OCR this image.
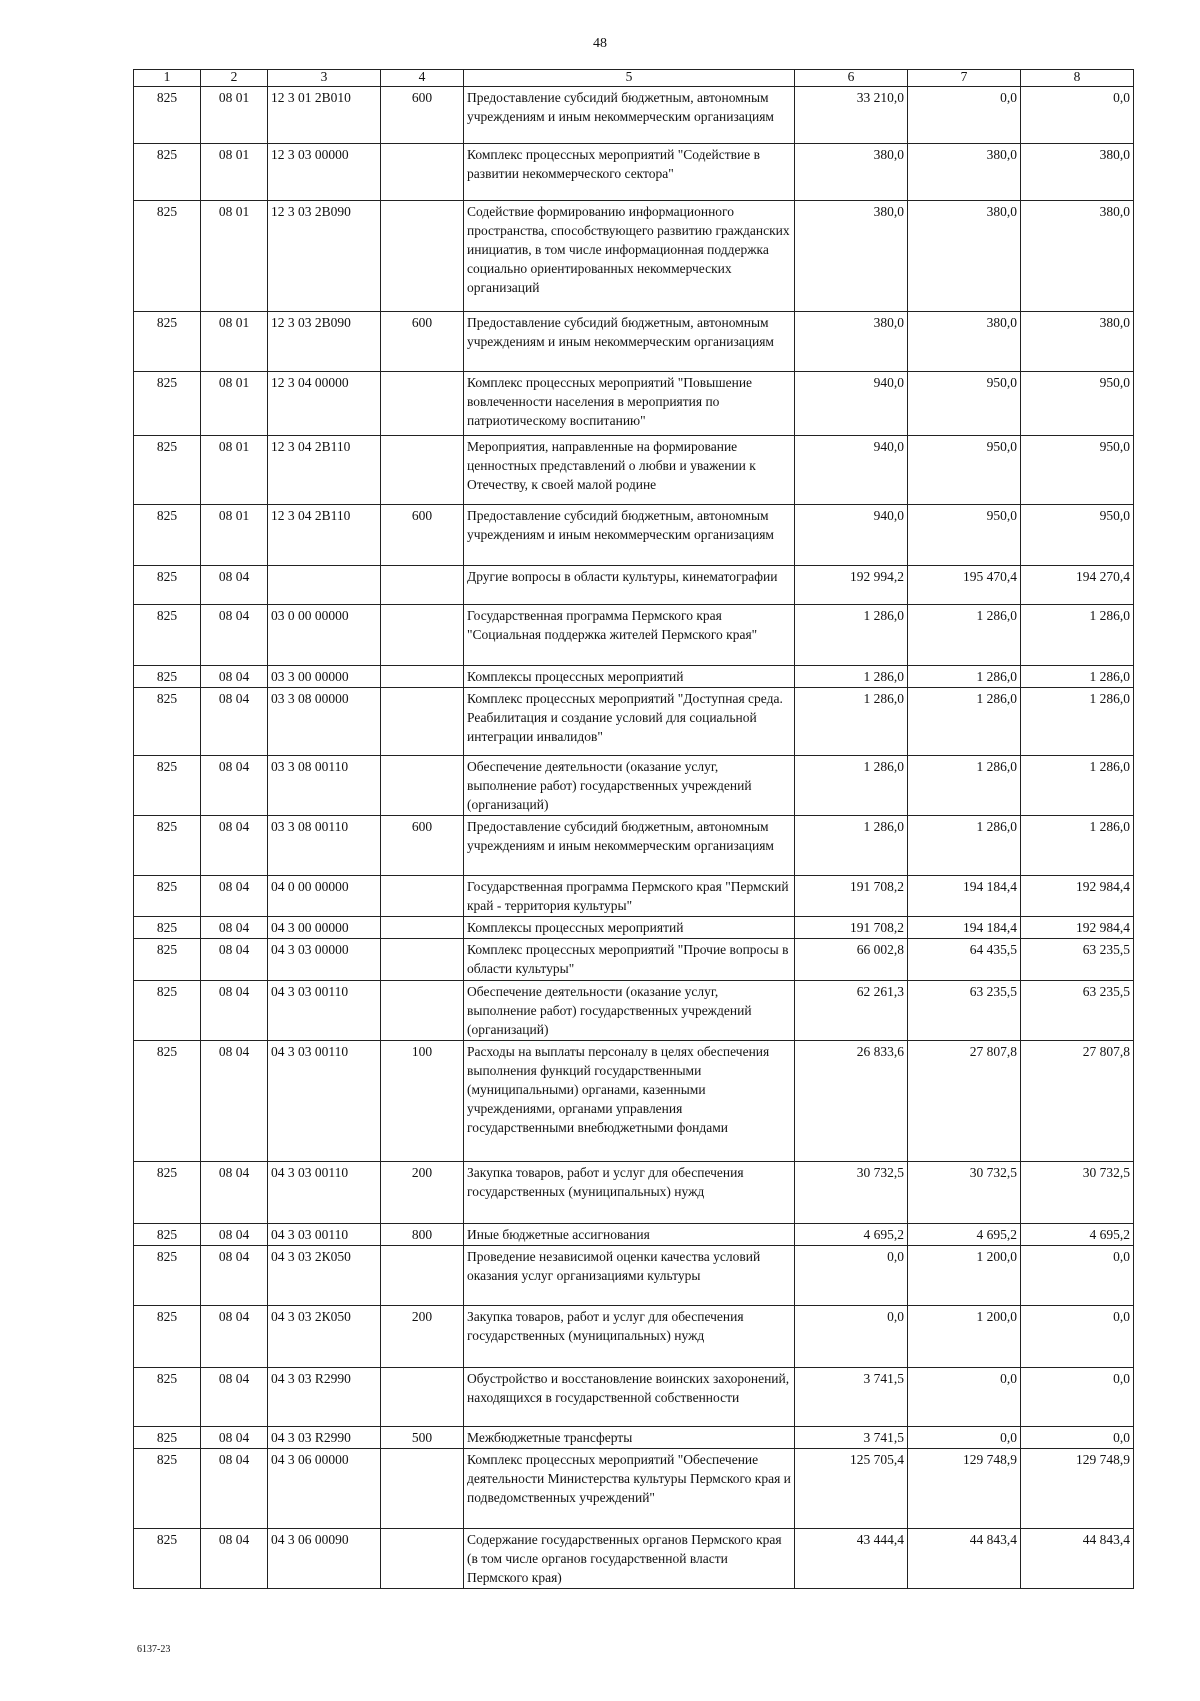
48
1	2	3	4	5	6	7	8
825	08 01	12 3 01 2В010	600	Предоставление субсидий бюджетным, автономным учреждениям и иным некоммерческим организациям	33 210,0	0,0	0,0
825	08 01	12 3 03 00000		Комплекс процессных мероприятий "Содействие в развитии некоммерческого сектора"	380,0	380,0	380,0
825	08 01	12 3 03 2В090		Содействие формированию информационного пространства, способствующего развитию гражданских инициатив, в том числе информационная поддержка социально ориентированных некоммерческих организаций	380,0	380,0	380,0
825	08 01	12 3 03 2В090	600	Предоставление субсидий бюджетным, автономным учреждениям и иным некоммерческим организациям	380,0	380,0	380,0
825	08 01	12 3 04 00000		Комплекс процессных мероприятий "Повышение вовлеченности населения в мероприятия по патриотическому воспитанию"	940,0	950,0	950,0
825	08 01	12 3 04 2В110		Мероприятия, направленные на формирование ценностных представлений о любви и уважении к Отечеству, к своей малой родине	940,0	950,0	950,0
825	08 01	12 3 04 2В110	600	Предоставление субсидий бюджетным, автономным учреждениям и иным некоммерческим организациям	940,0	950,0	950,0
825	08 04			Другие вопросы в области культуры, кинематографии	192 994,2	195 470,4	194 270,4
825	08 04	03 0 00 00000		Государственная программа Пермского края "Социальная поддержка жителей Пермского края"	1 286,0	1 286,0	1 286,0
825	08 04	03 3 00 00000		Комплексы процессных мероприятий	1 286,0	1 286,0	1 286,0
825	08 04	03 3 08 00000		Комплекс процессных мероприятий "Доступная среда. Реабилитация и создание условий для социальной интеграции инвалидов"	1 286,0	1 286,0	1 286,0
825	08 04	03 3 08 00110		Обеспечение деятельности (оказание услуг, выполнение работ) государственных учреждений (организаций)	1 286,0	1 286,0	1 286,0
825	08 04	03 3 08 00110	600	Предоставление субсидий бюджетным, автономным учреждениям и иным некоммерческим организациям	1 286,0	1 286,0	1 286,0
825	08 04	04 0 00 00000		Государственная программа Пермского края "Пермский край - территория культуры"	191 708,2	194 184,4	192 984,4
825	08 04	04 3 00 00000		Комплексы процессных мероприятий	191 708,2	194 184,4	192 984,4
825	08 04	04 3 03 00000		Комплекс процессных мероприятий "Прочие вопросы в области культуры"	66 002,8	64 435,5	63 235,5
825	08 04	04 3 03 00110		Обеспечение деятельности (оказание услуг, выполнение работ) государственных учреждений (организаций)	62 261,3	63 235,5	63 235,5
825	08 04	04 3 03 00110	100	Расходы на выплаты персоналу в целях обеспечения выполнения функций государственными (муниципальными) органами, казенными учреждениями, органами управления государственными внебюджетными фондами	26 833,6	27 807,8	27 807,8
825	08 04	04 3 03 00110	200	Закупка товаров, работ и услуг для обеспечения государственных (муниципальных) нужд	30 732,5	30 732,5	30 732,5
825	08 04	04 3 03 00110	800	Иные бюджетные ассигнования	4 695,2	4 695,2	4 695,2
825	08 04	04 3 03 2К050		Проведение независимой оценки качества условий оказания услуг организациями культуры	0,0	1 200,0	0,0
825	08 04	04 3 03 2К050	200	Закупка товаров, работ и услуг для обеспечения государственных (муниципальных) нужд	0,0	1 200,0	0,0
825	08 04	04 3 03 R2990		Обустройство и восстановление воинских захоронений, находящихся в государственной собственности	3 741,5	0,0	0,0
825	08 04	04 3 03 R2990	500	Межбюджетные трансферты	3 741,5	0,0	0,0
825	08 04	04 3 06 00000		Комплекс процессных мероприятий "Обеспечение деятельности Министерства культуры Пермского края и подведомственных учреждений"	125 705,4	129 748,9	129 748,9
825	08 04	04 3 06 00090		Содержание государственных органов Пермского края (в том числе органов государственной власти Пермского края)	43 444,4	44 843,4	44 843,4
6137-23
